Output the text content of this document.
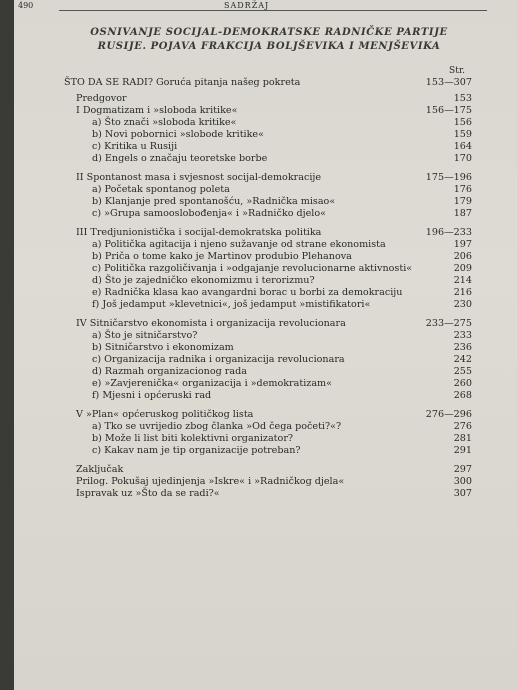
490	SADRŽAJ
OSNIVANJE SOCIJAL-DEMOKRATSKE RADNIČKE PARTIJE
RUSIJE. POJAVA FRAKCIJA BOLJŠEVIKA I MENJŠEVIKA
Str.
ŠTO DA SE RADI? Goruća pitanja našeg pokreta	153—307
Predgovor	153
I Dogmatizam i »sloboda kritike«	156—175
a) Što znači »sloboda kritike«	156
b) Novi pobornici »slobode kritike«	159
c) Kritika u Rusiji	164
d) Engels o značaju teoretske borbe	170
II Spontanost masa i svjesnost socijal-demokracije	175—196
a) Početak spontanog poleta	176
b) Klanjanje pred spontanošću, »Radnička misao«	179
c) »Grupa samooslobođenja« i »Radničko djelo«	187
III Tredjunionistička i socijal-demokratska politika	196—233
a) Politička agitacija i njeno sužavanje od strane ekonomista	197
b) Priča o tome kako je Martinov produbio Plehanova	206
c) Politička razgoličivanja i »odgajanje revolucionarne aktivnosti«	209
d) Što je zajedničko ekonomizmu i terorizmu?	214
e) Radnička klasa kao avangardni borac u borbi za demokraciju	216
f) Još jedamput »klevetnici«, još jedamput »mistifikatori«	230
IV Sitničarstvo ekonomista i organizacija revolucionara	233—275
a) Što je sitničarstvo?	233
b) Sitničarstvo i ekonomizam	236
c) Organizacija radnika i organizacija revolucionara	242
d) Razmah organizacionog rada	255
e) »Zavjerenička« organizacija i »demokratizam«	260
f) Mjesni i općeruski rad	268
V »Plan« općeruskog političkog lista	276—296
a) Tko se uvrijedio zbog članka »Od čega početi?«?	276
b) Može li list biti kolektivni organizator?	281
c) Kakav nam je tip organizacije potreban?	291
Zaključak	297
Prilog. Pokušaj ujedinjenja »Iskre« i »Radničkog djela«	300
Ispravak uz »Što da se radi?«	307
